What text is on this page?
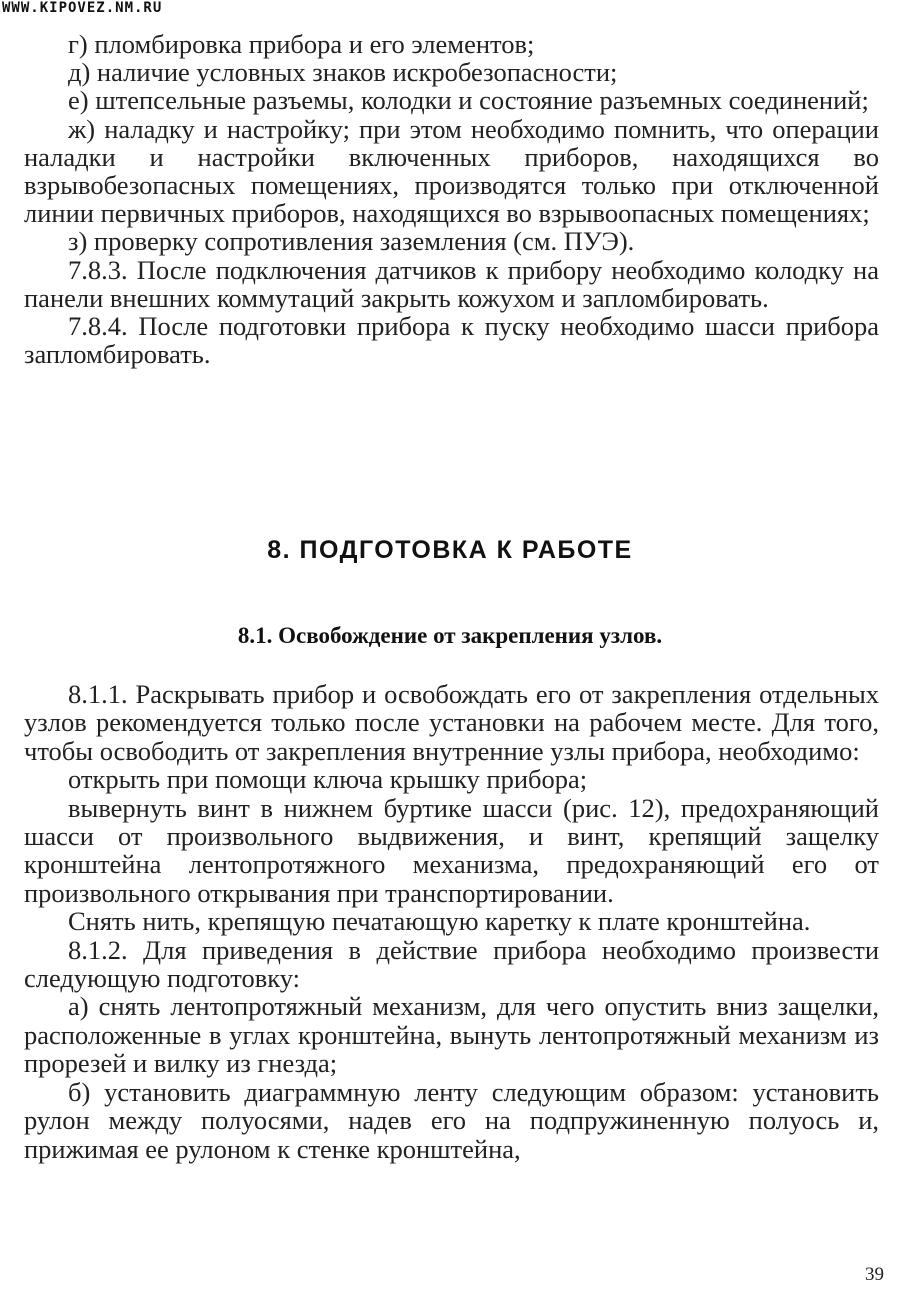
WWW.KIPOVEZ.NM.RU

г) пломбировка прибора и его элементов;

д) наличие условных знаков искробезопасности;

е) штепсельные разъемы, колодки и состояние разъемных соединений;

ж) наладку и настройку; при этом необходимо помнить, что операции наладки и настройки включенных приборов, находящихся во взрывобезопасных помещениях, производятся только при отключенной линии первичных приборов, находящихся во взрывоопасных помещениях;

з) проверку сопротивления заземления (см. ПУЭ).

7.8.3. После подключения датчиков к прибору необходимо колодку на панели внешних коммутаций закрыть кожухом и запломбировать.

7.8.4. После подготовки прибора к пуску необходимо шасси прибора запломбировать.

8. ПОДГОТОВКА К РАБОТЕ
8.1. Освобождение от закрепления узлов.

8.1.1. Раскрывать прибор и освобождать его от закрепления отдельных узлов рекомендуется только после установки на рабочем месте. Для того, чтобы освободить от закрепления внутренние узлы прибора, необходимо:

открыть при помощи ключа крышку прибора;

вывернуть винт в нижнем буртике шасси (рис. 12), предохраняющий шасси от произвольного выдвижения, и винт, крепящий защелку кронштейна лентопротяжного механизма, предохраняющий его от произвольного открывания при транспортировании.

Снять нить, крепящую печатающую каретку к плате кронштейна.

8.1.2. Для приведения в действие прибора необходимо произвести следующую подготовку:

а) снять лентопротяжный механизм, для чего опустить вниз защелки, расположенные в углах кронштейна, вынуть лентопротяжный механизм из прорезей и вилку из гнезда;

б) установить диаграммную ленту следующим образом: установить рулон между полуосями, надев его на подпружиненную полуось и, прижимая ее рулоном к стенке кронштейна,

39
